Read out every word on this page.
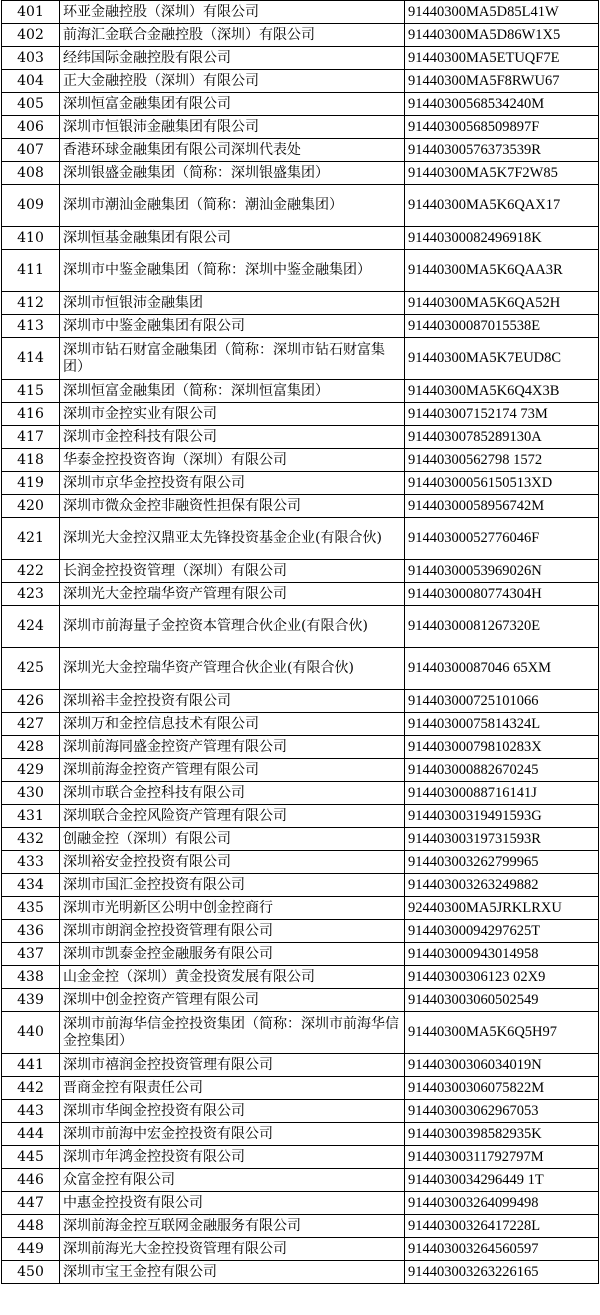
401	环亚金融控股（深圳）有限公司	91440300MA5D85L41W
402	前海汇金联合金融控股（深圳）有限公司	91440300MA5D86W1X5
403	经纬国际金融控股有限公司	91440300MA5ETUQF7E
404	正大金融控股（深圳）有限公司	91440300MA5F8RWU67
405	深圳恒富金融集团有限公司	91440300568534240M
406	深圳市恒银沛金融集团有限公司	91440300568509897F
407	香港环球金融集团有限公司深圳代表处	91440300576373539R
408	深圳银盛金融集团（简称：深圳银盛集团）	91440300MA5K7F2W85
409	深圳市潮汕金融集团（简称：潮汕金融集团）	91440300MA5K6QAX17
410	深圳恒基金融集团有限公司	91440300082496918K
411	深圳市中鉴金融集团（简称：深圳中鉴金融集团）	91440300MA5K6QAA3R
412	深圳市恒银沛金融集团	91440300MA5K6QA52H
413	深圳市中鉴金融集团有限公司	91440300087015538E
414	深圳市钻石财富金融集团（简称：深圳市钻石财富集团）	91440300MA5K7EUD8C
415	深圳恒富金融集团（简称：深圳恒富集团）	91440300MA5K6Q4X3B
416	深圳市金控实业有限公司	914403007152174 73M
417	深圳市金控科技有限公司	91440300785289130A
418	华泰金控投资咨询（深圳）有限公司	91440300562798 1572
419	深圳市京华金控投资有限公司	91440300056150513XD
420	深圳市微众金控非融资性担保有限公司	91440300058956742M
421	深圳光大金控汉鼎亚太先锋投资基金企业(有限合伙)	91440300052776046F
422	长润金控投资管理（深圳）有限公司	91440300053969026N
423	深圳光大金控瑞华资产管理有限公司	91440300080774304H
424	深圳市前海量子金控资本管理合伙企业(有限合伙)	91440300081267320E
425	深圳光大金控瑞华资产管理合伙企业(有限合伙)	91440300087046 65XM
426	深圳裕丰金控投资有限公司	914403000725101066
427	深圳万和金控信息技术有限公司	91440300075814324L
428	深圳前海同盛金控资产管理有限公司	91440300079810283X
429	深圳前海金控资产管理有限公司	914403000882670245
430	深圳市联合金控科技有限公司	91440300088716141J
431	深圳联合金控风险资产管理有限公司	91440300319491593G
432	创融金控（深圳）有限公司	91440300319731593R
433	深圳裕安金控投资有限公司	914403003262799965
434	深圳市国汇金控投资有限公司	914403003263249882
435	深圳市光明新区公明中创金控商行	92440300MA5JRKLRXU
436	深圳市朗润金控投资管理有限公司	91440300094297625T
437	深圳市凯泰金控金融服务有限公司	914403000943014958
438	山金金控（深圳）黄金投资发展有限公司	91440300306123 02X9
439	深圳中创金控资产管理有限公司	914403003060502549
440	深圳市前海华信金控投资集团（简称：深圳市前海华信金控集团）	91440300MA5K6Q5H97
441	深圳市禧润金控投资管理有限公司	91440300306034019N
442	晋商金控有限责任公司	91440300306075822M
443	深圳市华闽金控投资有限公司	914403003062967053
444	深圳市前海中宏金控投资有限公司	91440300398582935K
445	深圳市年鸿金控投资有限公司	91440300311792797M
446	众富金控有限公司	9144030034296449 1T
447	中惠金控投资有限公司	914403003264099498
448	深圳前海金控互联网金融服务有限公司	91440300326417228L
449	深圳前海光大金控投资管理有限公司	914403003264560597
450	深圳市宝王金控有限公司	914403003263226165
